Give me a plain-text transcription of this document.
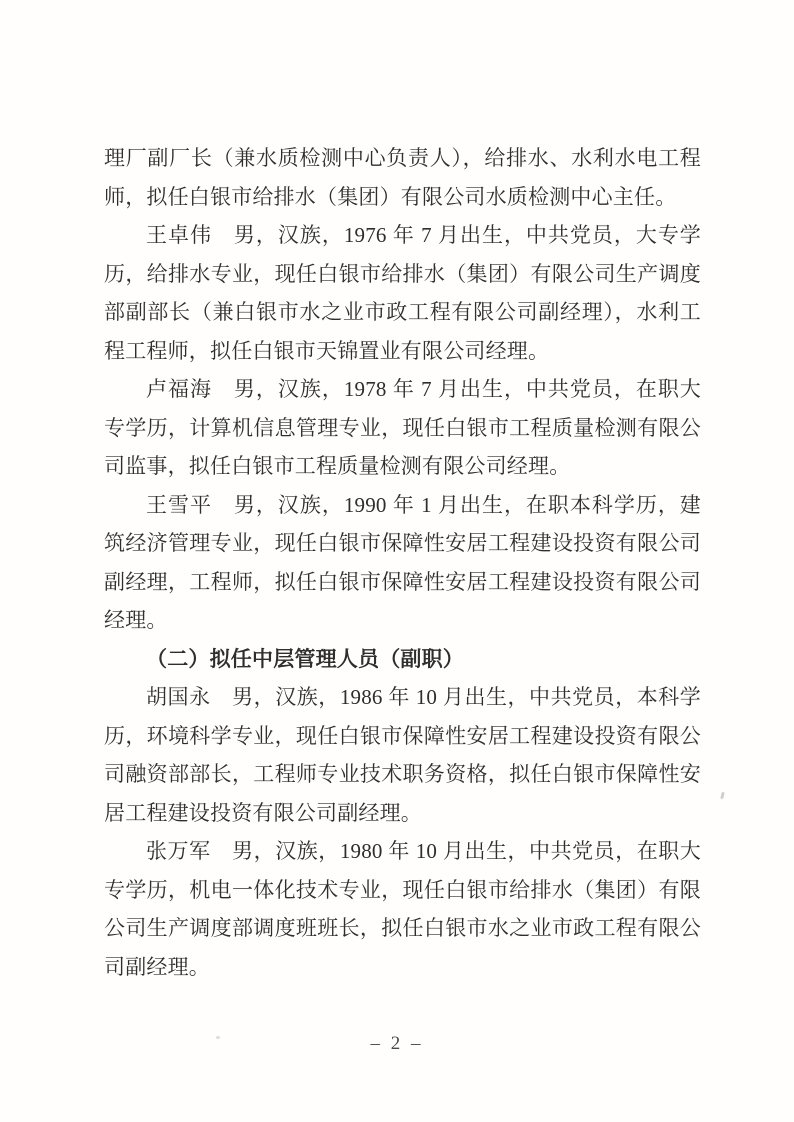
理厂副厂长（兼水质检测中心负责人），给排水、水利水电工程师，拟任白银市给排水（集团）有限公司水质检测中心主任。

王卓伟　男，汉族，1976 年 7 月出生，中共党员，大专学历，给排水专业，现任白银市给排水（集团）有限公司生产调度部副部长（兼白银市水之业市政工程有限公司副经理），水利工程工程师，拟任白银市天锦置业有限公司经理。

卢福海　男，汉族，1978 年 7 月出生，中共党员，在职大专学历，计算机信息管理专业，现任白银市工程质量检测有限公司监事，拟任白银市工程质量检测有限公司经理。

王雪平　男，汉族，1990 年 1 月出生，在职本科学历，建筑经济管理专业，现任白银市保障性安居工程建设投资有限公司副经理，工程师，拟任白银市保障性安居工程建设投资有限公司经理。

（二）拟任中层管理人员（副职）

胡国永　男，汉族，1986 年 10 月出生，中共党员，本科学历，环境科学专业，现任白银市保障性安居工程建设投资有限公司融资部部长，工程师专业技术职务资格，拟任白银市保障性安居工程建设投资有限公司副经理。

张万军　男，汉族，1980 年 10 月出生，中共党员，在职大专学历，机电一体化技术专业，现任白银市给排水（集团）有限公司生产调度部调度班班长，拟任白银市水之业市政工程有限公司副经理。

– 2 –
